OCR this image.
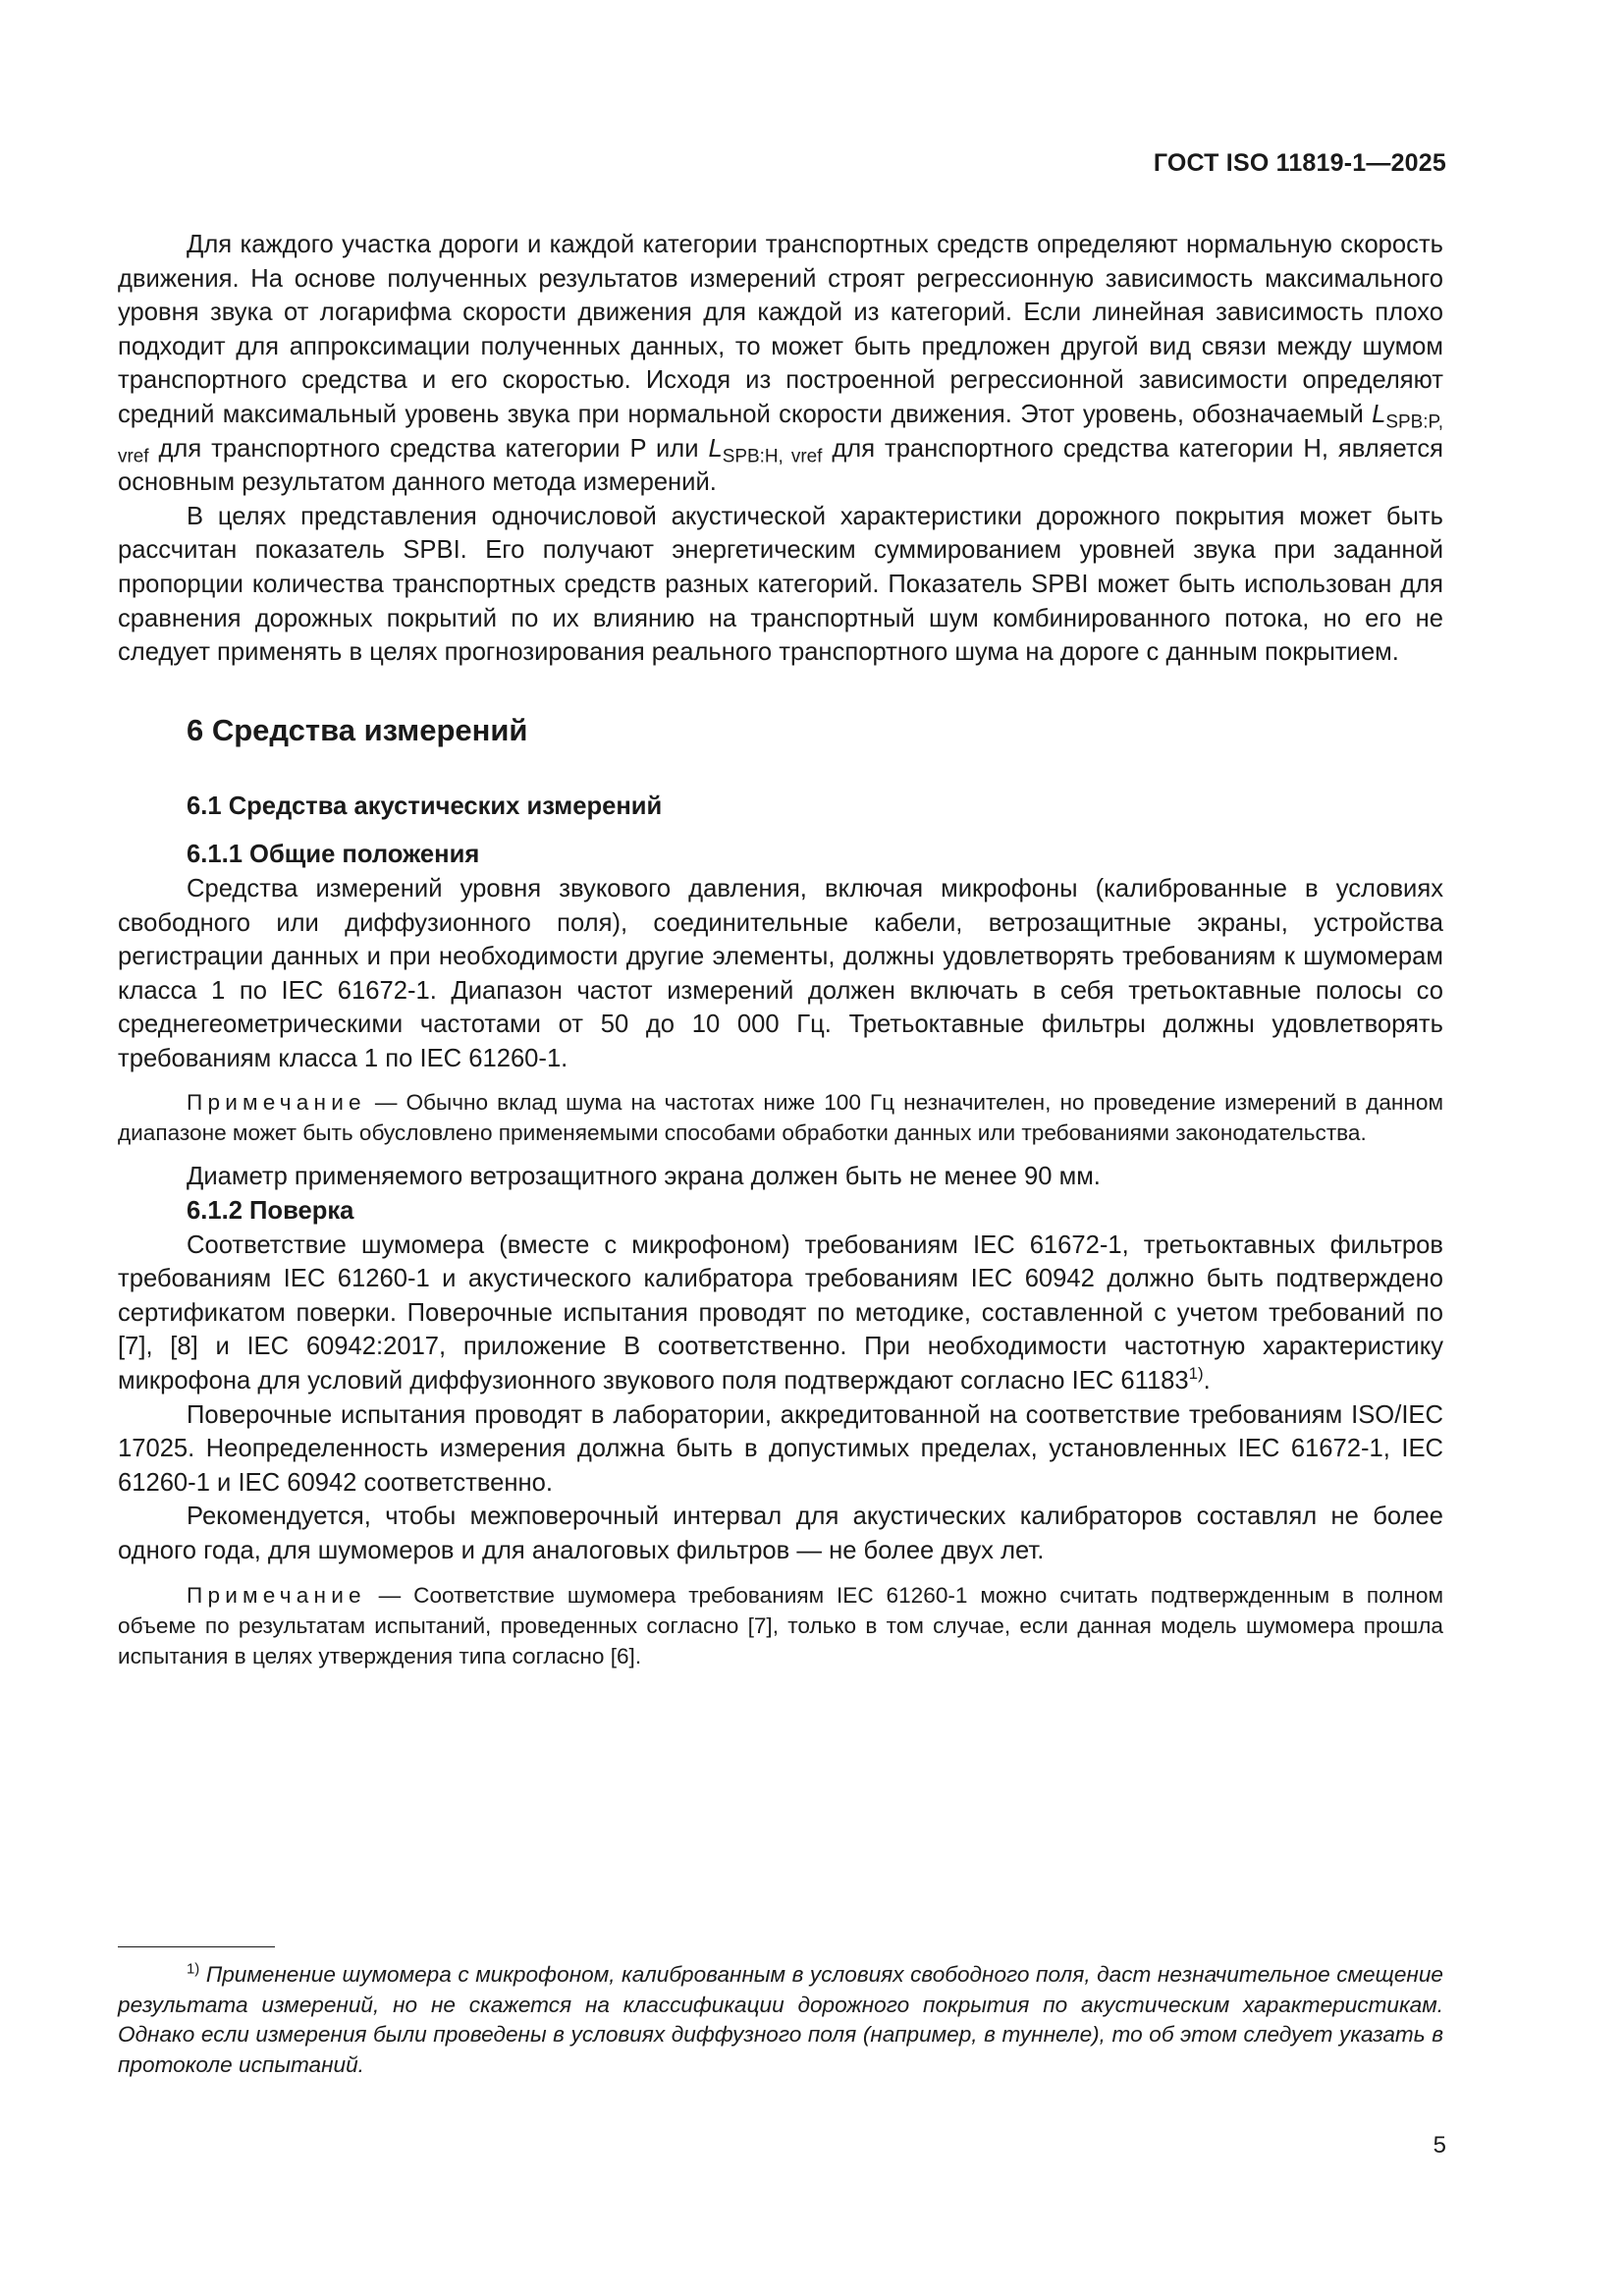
ГОСТ ISO 11819-1—2025

Для каждого участка дороги и каждой категории транспортных средств определяют нормальную скорость движения. На основе полученных результатов измерений строят регрессионную зависимость максимального уровня звука от логарифма скорости движения для каждой из категорий. Если линейная зависимость плохо подходит для аппроксимации полученных данных, то может быть предложен другой вид связи между шумом транспортного средства и его скоростью. Исходя из построенной регрессионной зависимости определяют средний максимальный уровень звука при нормальной скорости движения. Этот уровень, обозначаемый $L_{SPB:P, vref}$ для транспортного средства категории P или $L_{SPB:H, vref}$ для транспортного средства категории H, является основным результатом данного метода измерений.

В целях представления одночисловой акустической характеристики дорожного покрытия может быть рассчитан показатель SPBI. Его получают энергетическим суммированием уровней звука при заданной пропорции количества транспортных средств разных категорий. Показатель SPBI может быть использован для сравнения дорожных покрытий по их влиянию на транспортный шум комбинированного потока, но его не следует применять в целях прогнозирования реального транспортного шума на дороге с данным покрытием.

6 Средства измерений
6.1 Средства акустических измерений
6.1.1 Общие положения

Средства измерений уровня звукового давления, включая микрофоны (калиброванные в условиях свободного или диффузионного поля), соединительные кабели, ветрозащитные экраны, устройства регистрации данных и при необходимости другие элементы, должны удовлетворять требованиям к шумомерам класса 1 по IEC 61672-1. Диапазон частот измерений должен включать в себя третьоктавные полосы со среднегеометрическими частотами от 50 до 10 000 Гц. Третьоктавные фильтры должны удовлетворять требованиям класса 1 по IEC 61260-1.

Примечание — Обычно вклад шума на частотах ниже 100 Гц незначителен, но проведение измерений в данном диапазоне может быть обусловлено применяемыми способами обработки данных или требованиями законодательства.

Диаметр применяемого ветрозащитного экрана должен быть не менее 90 мм.

6.1.2 Поверка

Соответствие шумомера (вместе с микрофоном) требованиям IEC 61672-1, третьоктавных фильтров требованиям IEC 61260-1 и акустического калибратора требованиям IEC 60942 должно быть подтверждено сертификатом поверки. Поверочные испытания проводят по методике, составленной с учетом требований по [7], [8] и IEC 60942:2017, приложение В соответственно. При необходимости частотную характеристику микрофона для условий диффузионного звукового поля подтверждают согласно IEC 61183$^{1)}$.

Поверочные испытания проводят в лаборатории, аккредитованной на соответствие требованиям ISO/IEC 17025. Неопределенность измерения должна быть в допустимых пределах, установленных IEC 61672-1, IEC 61260-1 и IEC 60942 соответственно.

Рекомендуется, чтобы межповерочный интервал для акустических калибраторов составлял не более одного года, для шумомеров и для аналоговых фильтров — не более двух лет.

Примечание — Соответствие шумомера требованиям IEC 61260-1 можно считать подтвержденным в полном объеме по результатам испытаний, проведенных согласно [7], только в том случае, если данная модель шумомера прошла испытания в целях утверждения типа согласно [6].

$^{1)}$ Применение шумомера с микрофоном, калиброванным в условиях свободного поля, даст незначительное смещение результата измерений, но не скажется на классификации дорожного покрытия по акустическим характеристикам. Однако если измерения были проведены в условиях диффузного поля (например, в туннеле), то об этом следует указать в протоколе испытаний.

5
